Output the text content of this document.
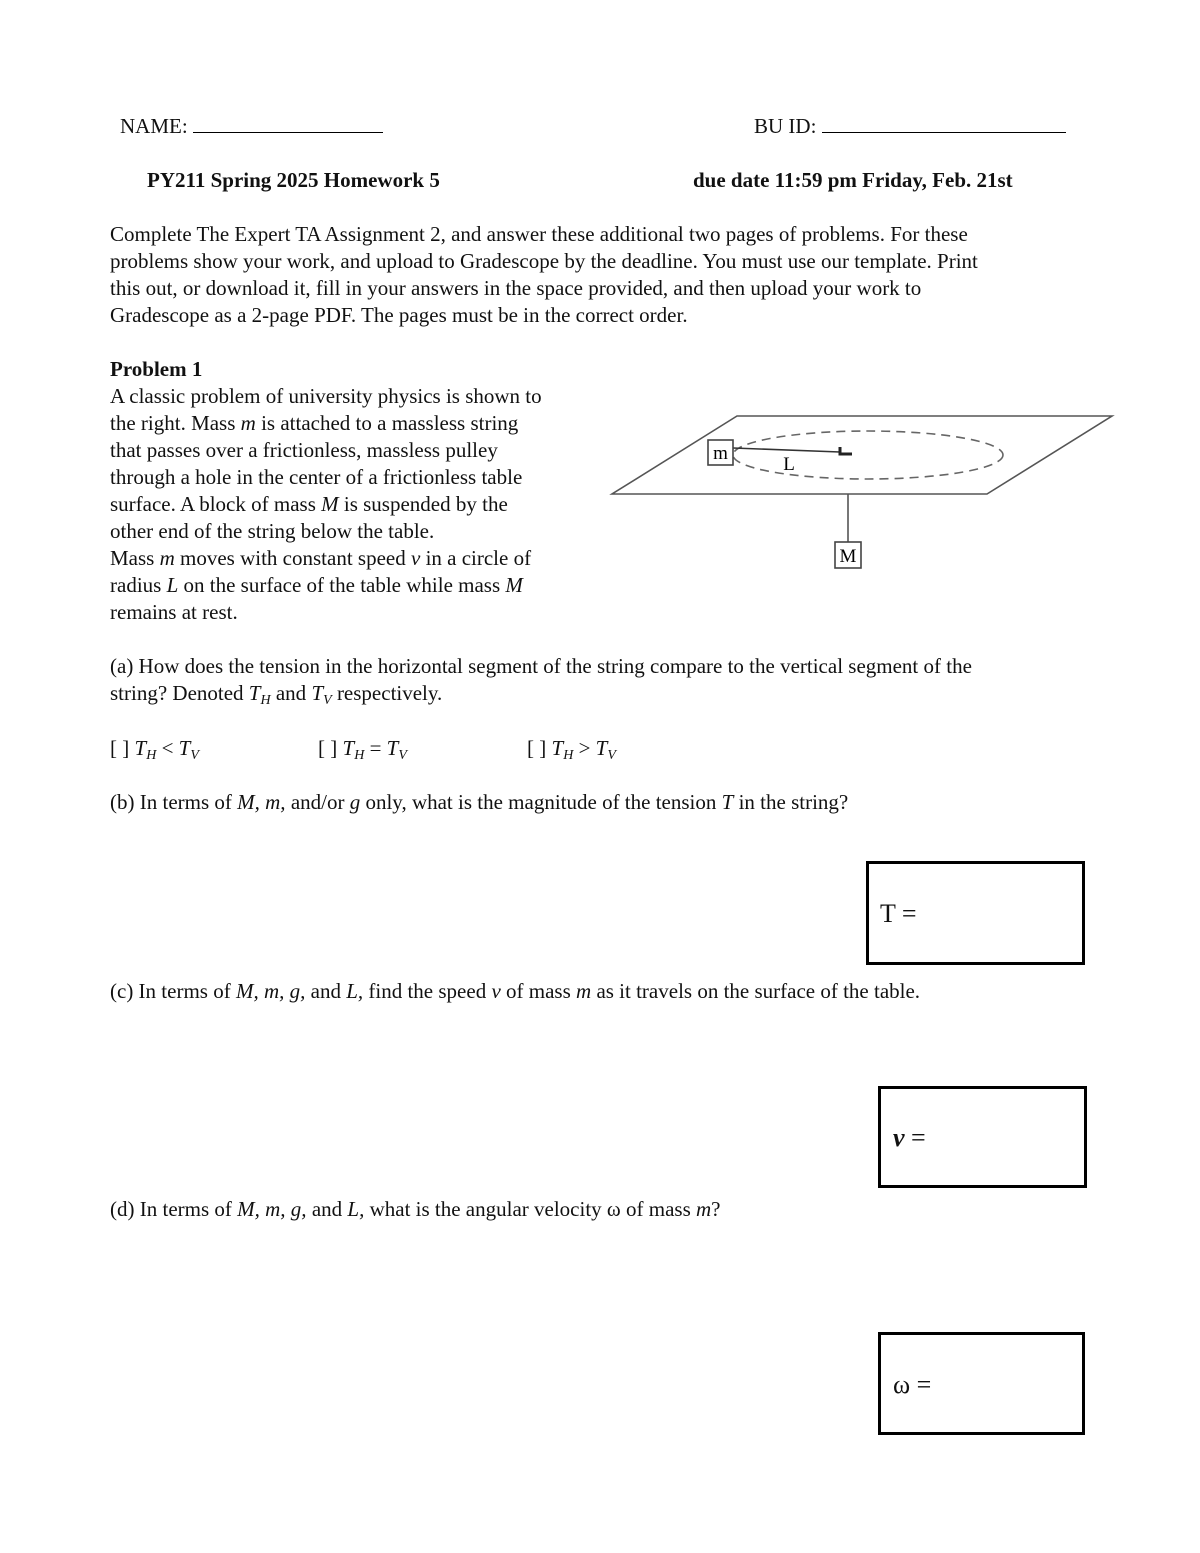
NAME:	BU ID:
PY211 Spring 2025 Homework 5	due date 11:59 pm Friday, Feb. 21st
Complete The Expert TA Assignment 2, and answer these additional two pages of problems. For these
problems show your work, and upload to Gradescope by the deadline. You must use our template. Print
this out, or download it, fill in your answers in the space provided, and then upload your work to
Gradescope as a 2-page PDF. The pages must be in the correct order.
Problem 1
A classic problem of university physics is shown to
the right. Mass m is attached to a massless string
that passes over a frictionless, massless pulley
through a hole in the center of a frictionless table
surface. A block of mass M is suspended by the
other end of the string below the table.
Mass m moves with constant speed v in a circle of
radius L on the surface of the table while mass M
remains at rest.
m
L
M
(a) How does the tension in the horizontal segment of the string compare to the vertical segment of the
string? Denoted $T_H$ and $T_V$ respectively.
[ ] $T_H < T_V$	[ ] $T_H = T_V$	[ ] $T_H > T_V$
(b) In terms of M, m, and/or g only, what is the magnitude of the tension T in the string?
T =
(c) In terms of M, m, g, and L, find the speed v of mass m as it travels on the surface of the table.
v =
(d) In terms of M, m, g, and L, what is the angular velocity ω of mass m?
ω =
